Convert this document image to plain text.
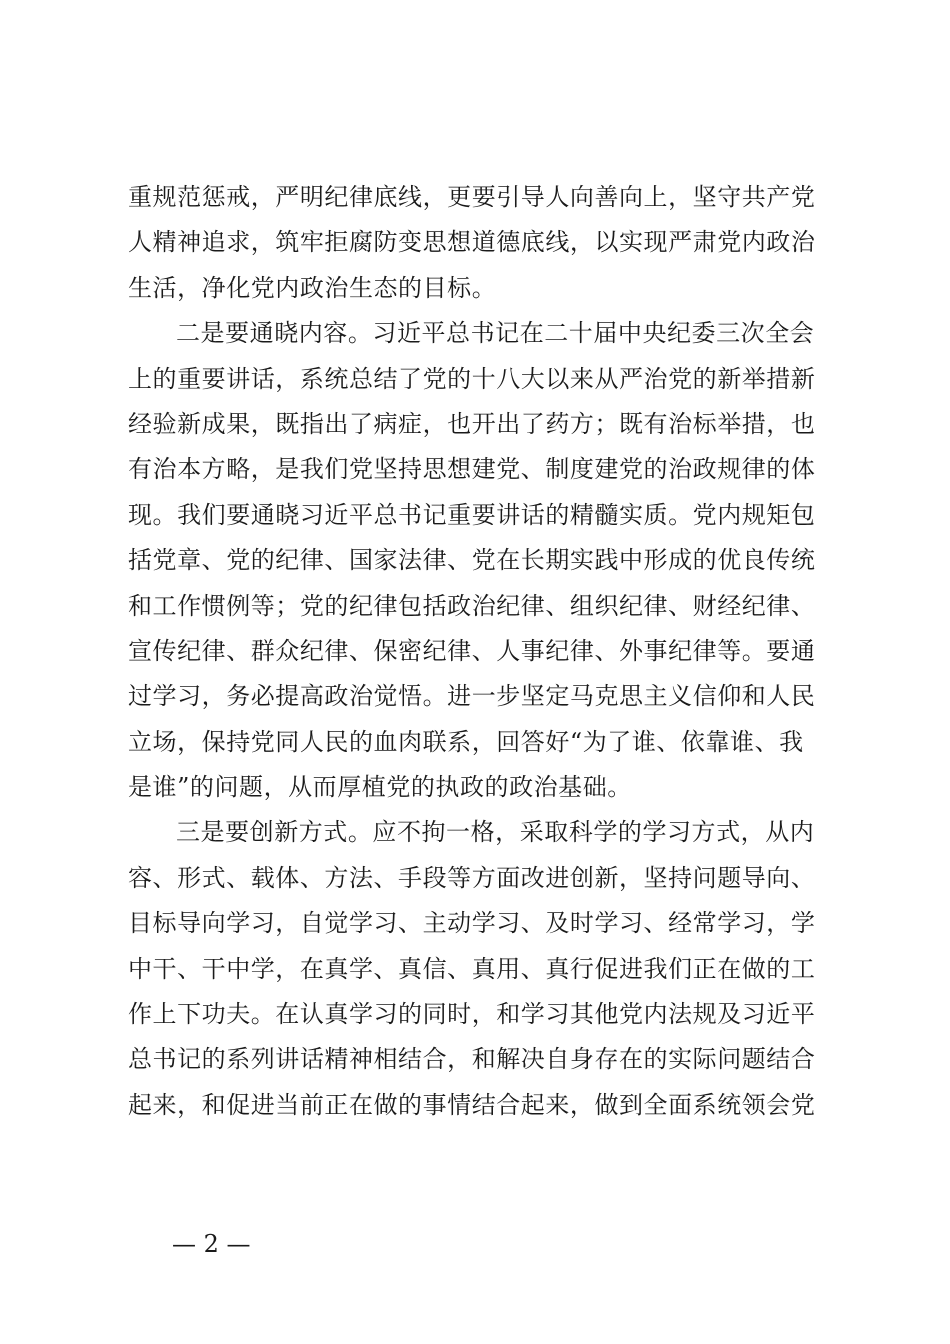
重规范惩戒，严明纪律底线，更要引导人向善向上，坚守共产党
人精神追求，筑牢拒腐防变思想道德底线，以实现严肃党内政治
生活，净化党内政治生态的目标。
二是要通晓内容。习近平总书记在二十届中央纪委三次全会
上的重要讲话，系统总结了党的十八大以来从严治党的新举措新
经验新成果，既指出了病症，也开出了药方；既有治标举措，也
有治本方略，是我们党坚持思想建党、制度建党的治政规律的体
现。我们要通晓习近平总书记重要讲话的精髓实质。党内规矩包
括党章、党的纪律、国家法律、党在长期实践中形成的优良传统
和工作惯例等；党的纪律包括政治纪律、组织纪律、财经纪律、
宣传纪律、群众纪律、保密纪律、人事纪律、外事纪律等。要通
过学习，务必提高政治觉悟。进一步坚定马克思主义信仰和人民
立场，保持党同人民的血肉联系，回答好“为了谁、依靠谁、我
是谁”的问题，从而厚植党的执政的政治基础。
三是要创新方式。应不拘一格，采取科学的学习方式，从内
容、形式、载体、方法、手段等方面改进创新，坚持问题导向、
目标导向学习，自觉学习、主动学习、及时学习、经常学习，学
中干、干中学，在真学、真信、真用、真行促进我们正在做的工
作上下功夫。在认真学习的同时，和学习其他党内法规及习近平
总书记的系列讲话精神相结合，和解决自身存在的实际问题结合
起来，和促进当前正在做的事情结合起来，做到全面系统领会党
— 2 —
